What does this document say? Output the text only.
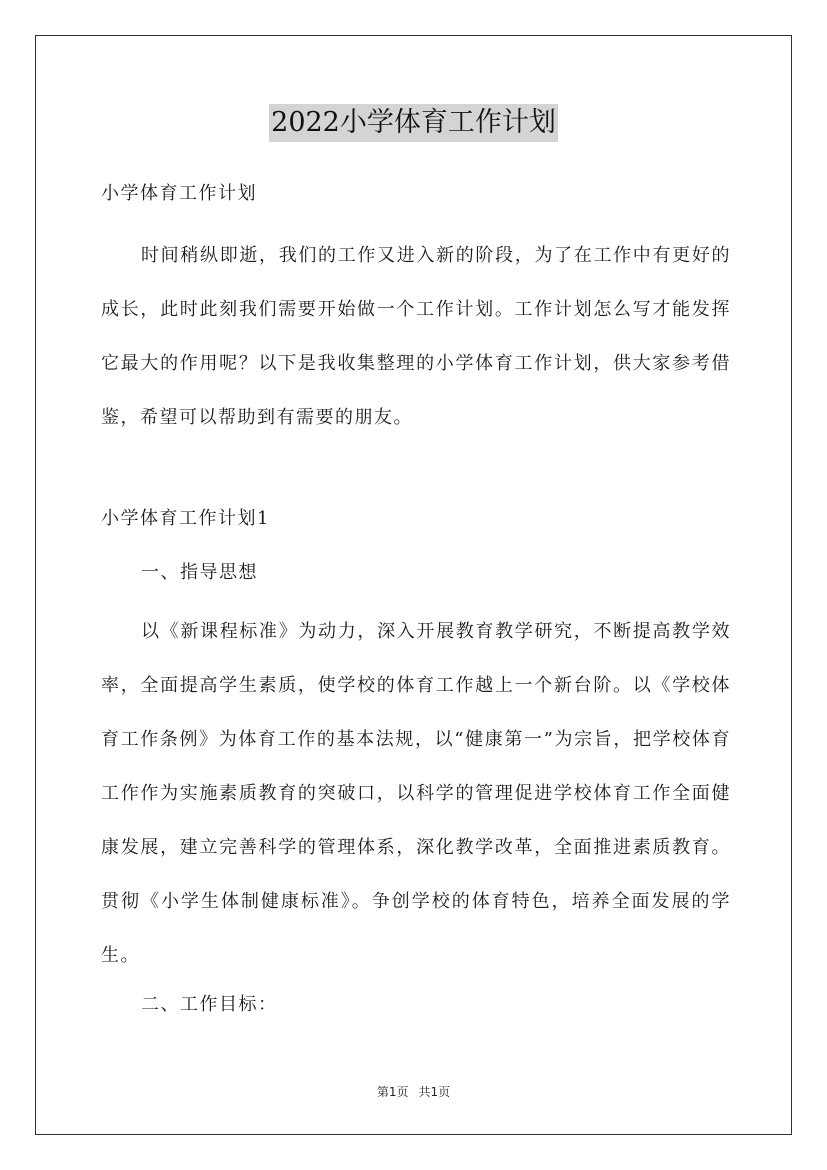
2022小学体育工作计划
小学体育工作计划
时间稍纵即逝，我们的工作又进入新的阶段，为了在工作中有更好的成长，此时此刻我们需要开始做一个工作计划。工作计划怎么写才能发挥它最大的作用呢？以下是我收集整理的小学体育工作计划，供大家参考借鉴，希望可以帮助到有需要的朋友。
小学体育工作计划1
一、指导思想
以《新课程标准》为动力，深入开展教育教学研究，不断提高教学效率，全面提高学生素质，使学校的体育工作越上一个新台阶。以《学校体育工作条例》为体育工作的基本法规，以“健康第一”为宗旨，把学校体育工作作为实施素质教育的突破口，以科学的管理促进学校体育工作全面健康发展，建立完善科学的管理体系，深化教学改革，全面推进素质教育。贯彻《小学生体制健康标准》。争创学校的体育特色，培养全面发展的学生。
二、工作目标：
第1页 共1页
